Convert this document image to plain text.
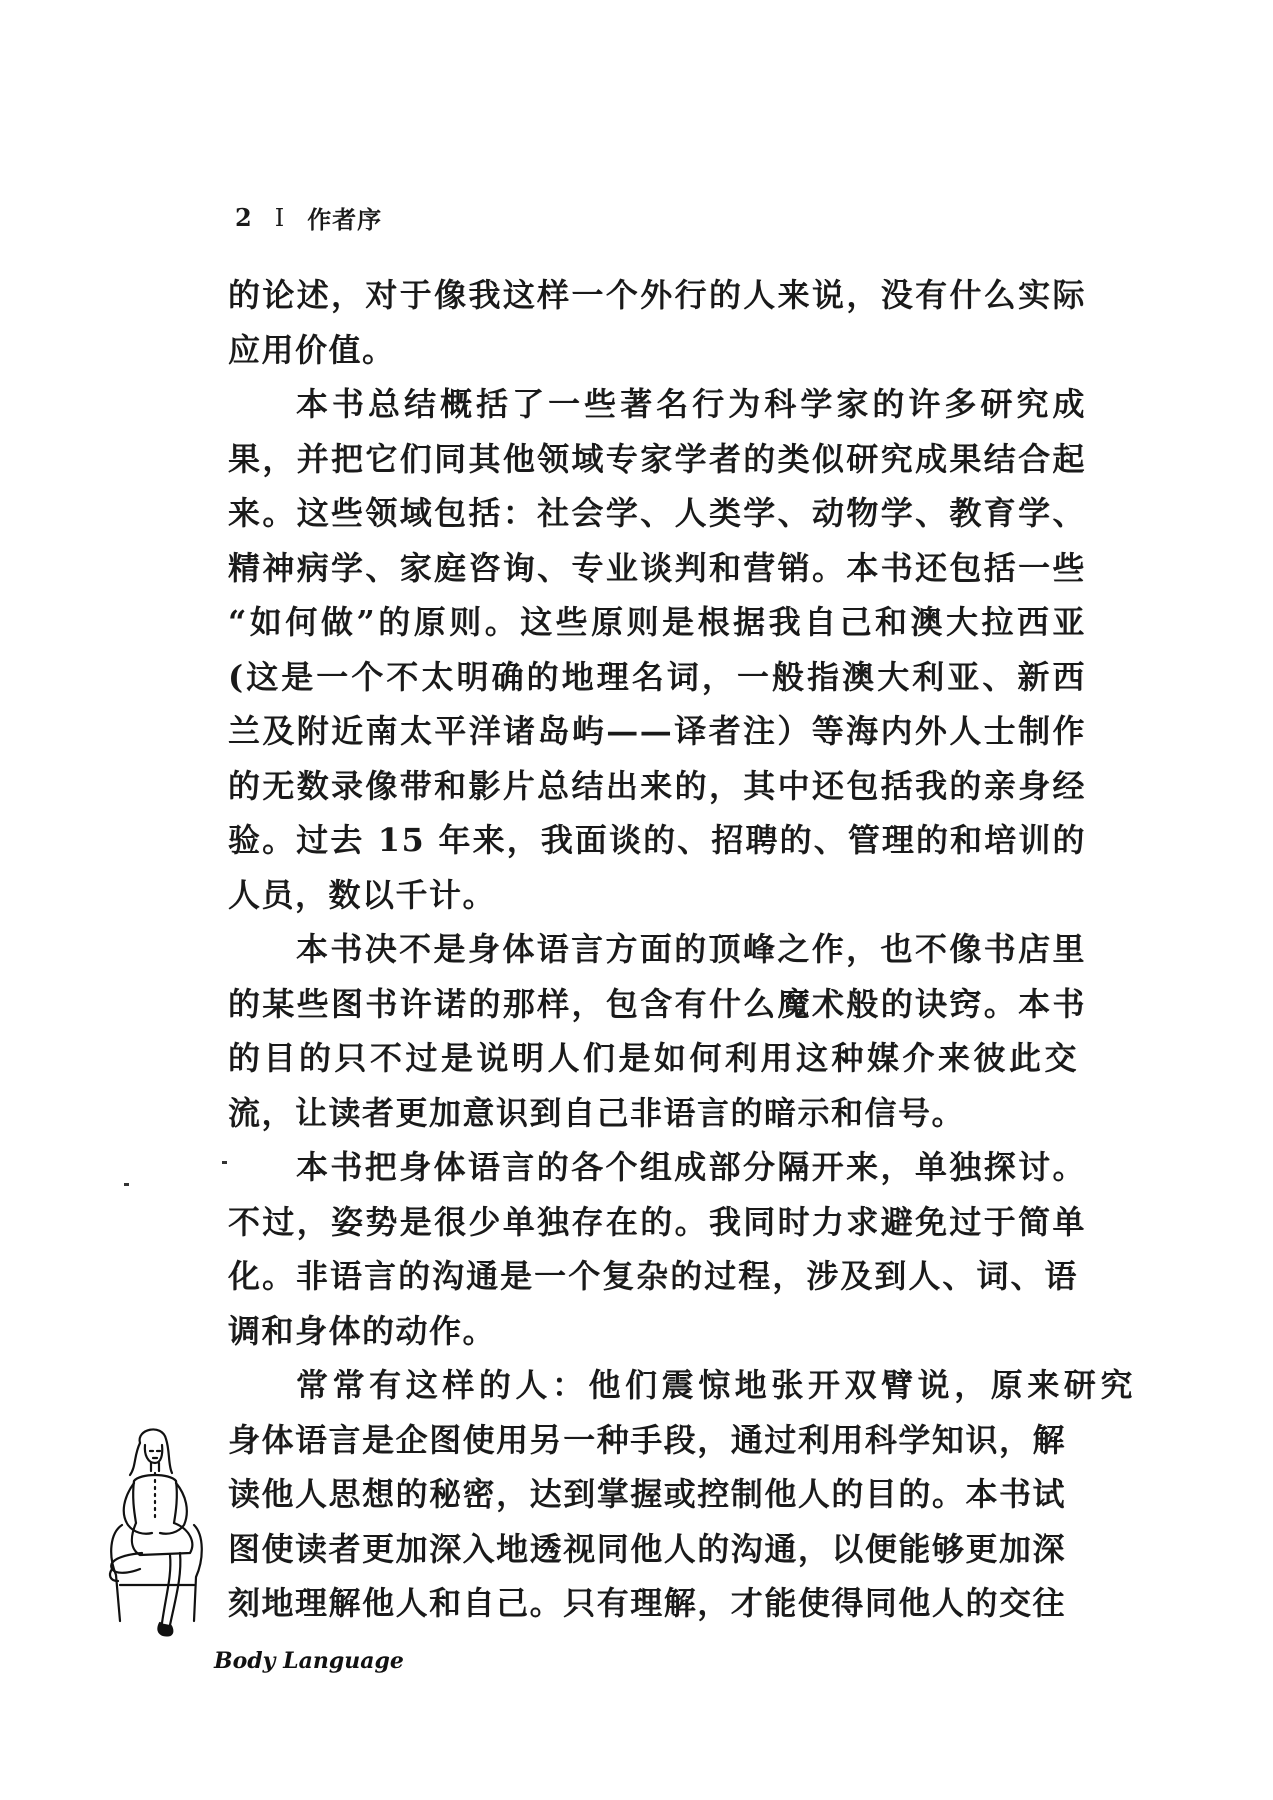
2 I 作者序
的论述，对于像我这样一个外行的人来说，没有什么实际
应用价值。
本书总结概括了一些著名行为科学家的许多研究成
果，并把它们同其他领域专家学者的类似研究成果结合起
来。这些领域包括：社会学、人类学、动物学、教育学、
精神病学、家庭咨询、专业谈判和营销。本书还包括一些
“如何做”的原则。这些原则是根据我自己和澳大拉西亚
(这是一个不太明确的地理名词，一般指澳大利亚、新西
兰及附近南太平洋诸岛屿——译者注）等海内外人士制作
的无数录像带和影片总结出来的，其中还包括我的亲身经
验。过去 15 年来，我面谈的、招聘的、管理的和培训的
人员，数以千计。
本书决不是身体语言方面的顶峰之作，也不像书店里
的某些图书许诺的那样，包含有什么魔术般的诀窍。本书
的目的只不过是说明人们是如何利用这种媒介来彼此交
流，让读者更加意识到自己非语言的暗示和信号。
本书把身体语言的各个组成部分隔开来，单独探讨。
不过，姿势是很少单独存在的。我同时力求避免过于简单
化。非语言的沟通是一个复杂的过程，涉及到人、词、语
调和身体的动作。
常常有这样的人：他们震惊地张开双臂说，原来研究
身体语言是企图使用另一种手段，通过利用科学知识，解
读他人思想的秘密，达到掌握或控制他人的目的。本书试
图使读者更加深入地透视同他人的沟通，以便能够更加深
刻地理解他人和自己。只有理解，才能使得同他人的交往
Body Language
